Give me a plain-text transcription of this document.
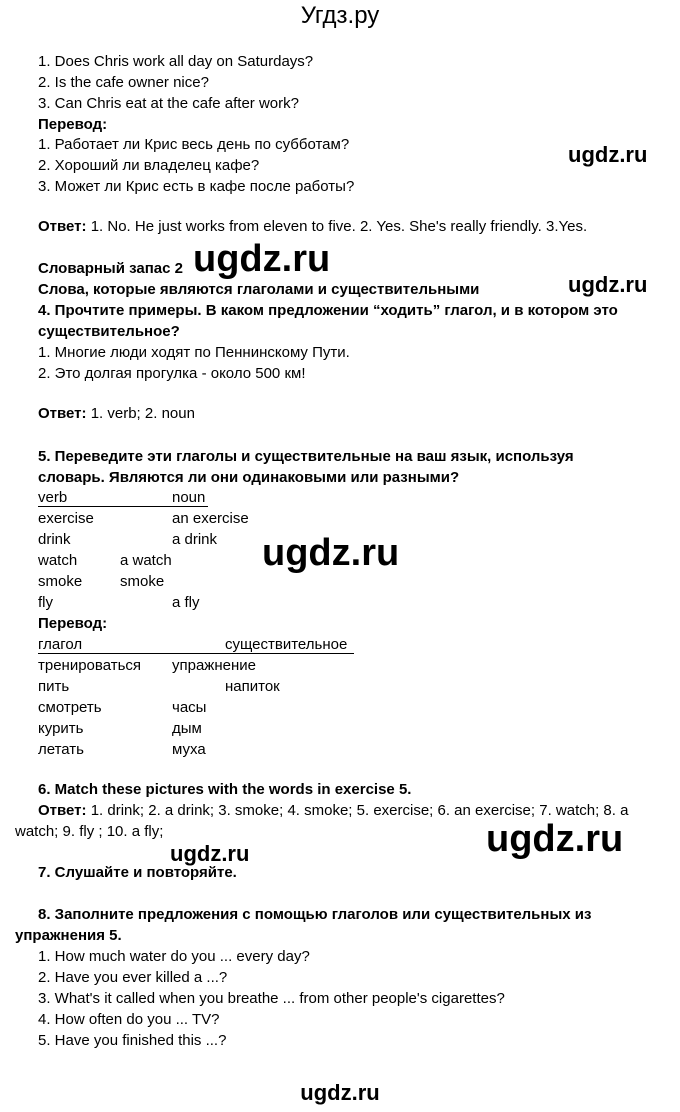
Угдз.ру
1. Does Chris work all day on Saturdays?
2. Is the cafe owner nice?
3. Can Chris eat at the cafe after work?
Перевод:
1. Работает ли Крис весь день по субботам?
2. Хороший ли владелец кафе?
3. Может ли Крис есть в кафе после работы?
ugdz.ru
Ответ: 1. No. He just works from eleven to five. 2. Yes. She's really friendly. 3.Yes.
Словарный запас 2 ugdz.ru
Слова, которые являются глаголами и существительными	ugdz.ru
4. Прочтите примеры. В каком предложении “ходить” глагол, и в котором это
существительное?
1. Многие люди ходят по Пеннинскому Пути.
2. Это долгая прогулка - около 500 км!
Ответ: 1. verb; 2. noun
5. Переведите эти глаголы и существительные на ваш язык, используя
словарь. Являются ли они одинаковыми или разными?
verb	noun
exercise	an exercise
drink	a drink
watch	a watch
smoke	smoke
fly	a fly
ugdz.ru
Перевод:
глагол	существительное
тренироваться упражнение
пить	напиток
смотреть	часы
курить	дым
летать	муха
6. Match these pictures with the words in exercise 5.
Ответ: 1. drink; 2. a drink; 3. smoke; 4. smoke; 5. exercise; 6. an exercise; 7. watch; 8. a
watch; 9. fly ; 10. a fly;	ugdz.ru
ugdz.ru
7. Слушайте и повторяйте.
8. Заполните предложения с помощью глаголов или существительных из
упражнения 5.
1. How much water do you ... every day?
2. Have you ever killed a ...?
3. What's it called when you breathe ... from other people's cigarettes?
4. How often do you ... TV?
5. Have you finished this ...?
ugdz.ru
